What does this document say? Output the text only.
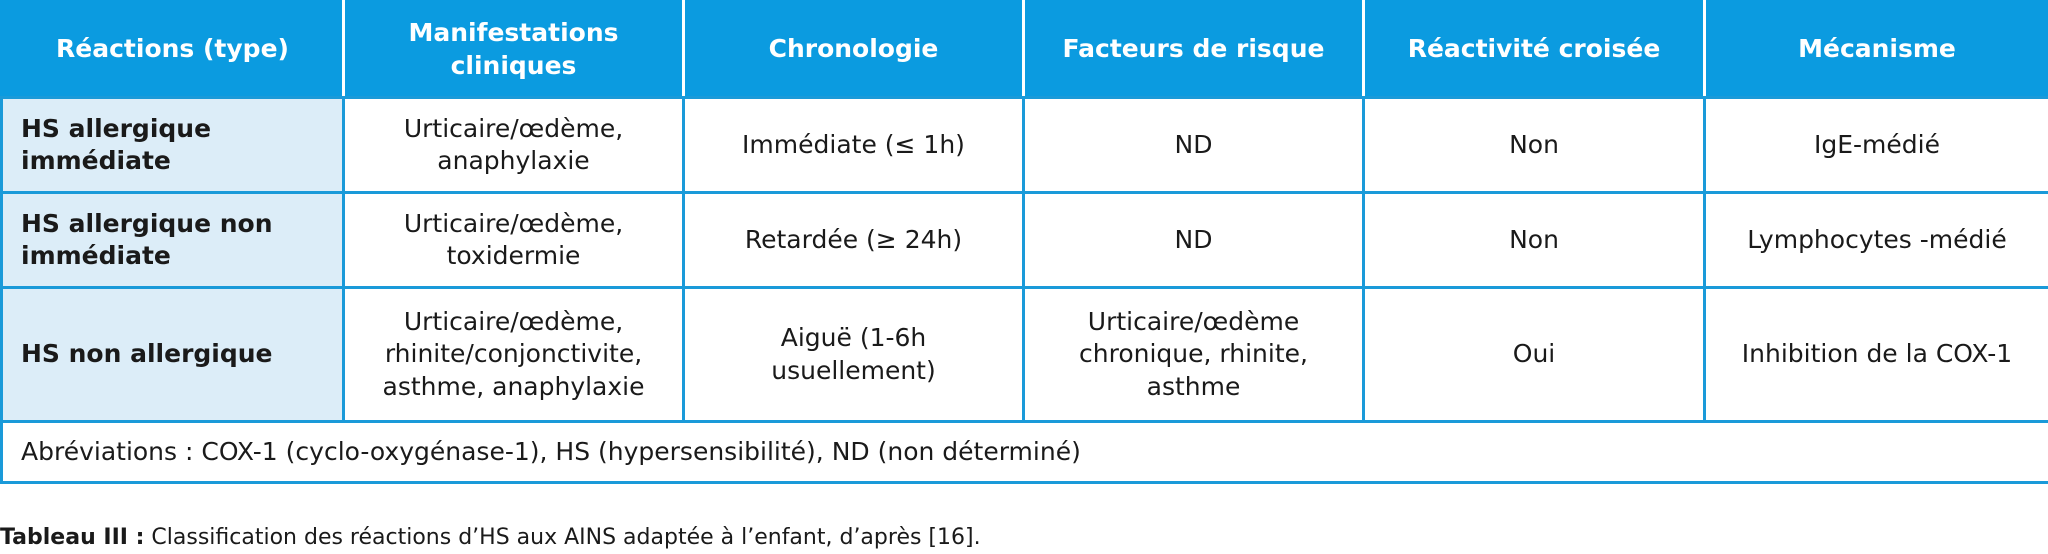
Réactions (type)	Manifestations cliniques	Chronologie	Facteurs de risque	Réactivité croisée	Mécanisme
HS allergique immédiate	Urticaire/œdème, anaphylaxie	Immédiate (≤ 1h)	ND	Non	IgE-médié
HS allergique non immédiate	Urticaire/œdème, toxidermie	Retardée (≥ 24h)	ND	Non	Lymphocytes -médié
HS non allergique	Urticaire/œdème, rhinite/conjonctivite, asthme, anaphylaxie	Aiguë (1-6h usuellement)	Urticaire/œdème chronique, rhinite, asthme	Oui	Inhibition de la COX-1
Abréviations : COX-1 (cyclo-oxygénase-1), HS (hypersensibilité), ND (non déterminé)					
Tableau III : Classification des réactions d’HS aux AINS adaptée à l’enfant, d’après [16].
